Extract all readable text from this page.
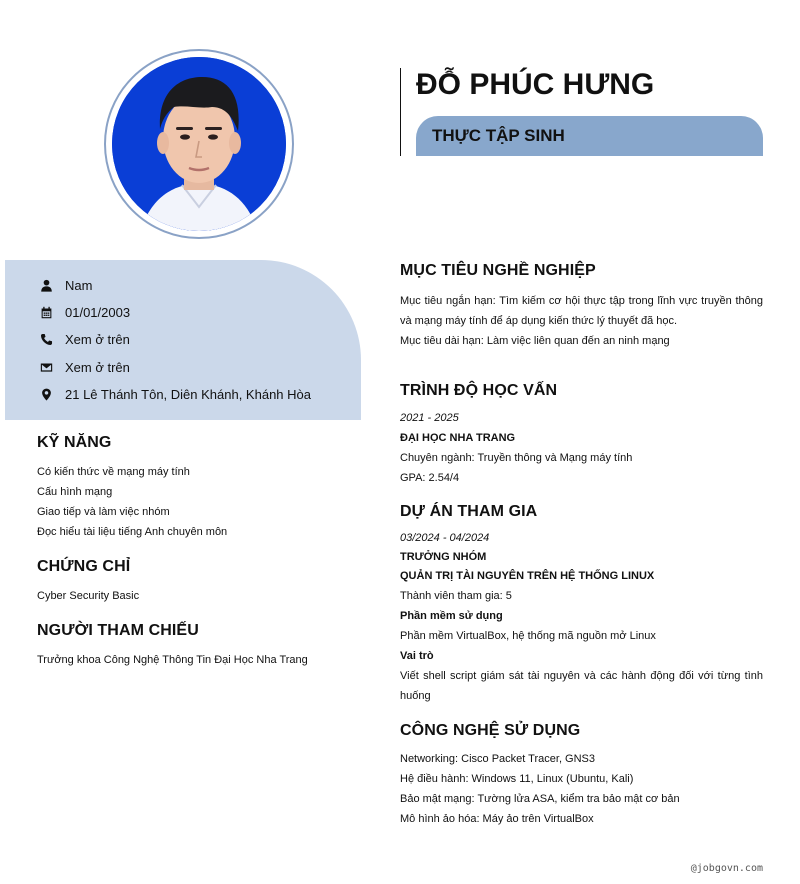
Nam
01/01/2003
Xem ở trên
Xem ở trên
21 Lê Thánh Tôn, Diên Khánh, Khánh Hòa
KỸ NĂNG
Có kiến thức về mạng máy tính
Cấu hình mạng
Giao tiếp và làm việc nhóm
Đọc hiểu tài liệu tiếng Anh chuyên môn
CHỨNG CHỈ
Cyber Security Basic
NGƯỜI THAM CHIẾU
Trưởng khoa Công Nghệ Thông Tin Đại Học Nha Trang
ĐỖ PHÚC HƯNG
THỰC TẬP SINH
MỤC TIÊU NGHỀ NGHIỆP
Mục tiêu ngắn hạn: Tìm kiếm cơ hội thực tập trong lĩnh vực truyền thông và mạng máy tính để áp dụng kiến thức lý thuyết đã học.
Mục tiêu dài hạn: Làm việc liên quan đến an ninh mạng
TRÌNH ĐỘ HỌC VẤN
2021 - 2025
ĐẠI HỌC NHA TRANG
Chuyên ngành: Truyền thông và Mạng máy tính
GPA: 2.54/4
DỰ ÁN THAM GIA
03/2024 - 04/2024
TRƯỞNG NHÓM
QUẢN TRỊ TÀI NGUYÊN TRÊN HỆ THỐNG LINUX
Thành viên tham gia: 5
Phần mềm sử dụng
Phần mềm VirtualBox, hệ thống mã nguồn mở Linux
Vai trò
Viết shell script giám sát tài nguyên và các hành động đối với từng tình huống
CÔNG NGHỆ SỬ DỤNG
Networking: Cisco Packet Tracer, GNS3
Hệ điều hành: Windows 11, Linux (Ubuntu, Kali)
Bảo mật mạng: Tường lửa ASA, kiểm tra bảo mật cơ bản
Mô hình ảo hóa: Máy ảo trên VirtualBox
@jobgovn.com
